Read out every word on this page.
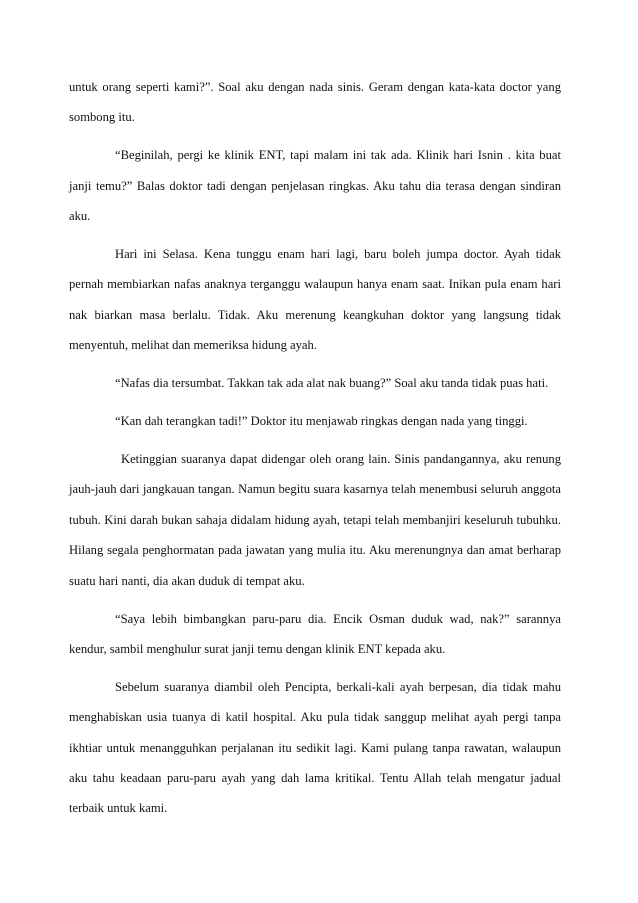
untuk orang seperti kami?”. Soal aku dengan nada sinis. Geram dengan kata-kata doctor yang sombong itu.

“Beginilah, pergi ke klinik ENT, tapi malam ini tak ada. Klinik hari Isnin . kita buat janji temu?” Balas doktor tadi dengan penjelasan ringkas. Aku tahu dia terasa dengan sindiran aku.

Hari ini Selasa. Kena tunggu enam hari lagi, baru boleh jumpa doctor. Ayah tidak pernah membiarkan nafas anaknya terganggu walaupun hanya enam saat. Inikan pula enam hari nak biarkan masa berlalu. Tidak. Aku merenung keangkuhan doktor yang langsung tidak menyentuh, melihat dan memeriksa hidung ayah.

“Nafas dia tersumbat. Takkan tak ada alat nak buang?” Soal aku tanda tidak puas hati.

“Kan dah terangkan tadi!” Doktor itu menjawab ringkas dengan nada yang tinggi.

Ketinggian suaranya dapat didengar oleh orang lain. Sinis pandangannya, aku renung jauh-jauh dari jangkauan tangan. Namun begitu suara kasarnya telah menembusi seluruh anggota tubuh. Kini darah bukan sahaja didalam hidung ayah, tetapi telah membanjiri keseluruh tubuhku. Hilang segala penghormatan pada jawatan yang mulia itu. Aku merenungnya dan amat berharap suatu hari nanti, dia akan duduk di tempat aku.

“Saya lebih bimbangkan paru-paru dia. Encik Osman duduk wad, nak?” sarannya kendur, sambil menghulur surat janji temu dengan klinik ENT kepada aku.

Sebelum suaranya diambil oleh Pencipta, berkali-kali ayah berpesan, dia tidak mahu menghabiskan usia tuanya di katil hospital. Aku pula tidak sanggup melihat ayah pergi tanpa ikhtiar untuk menangguhkan perjalanan itu sedikit lagi. Kami pulang tanpa rawatan, walaupun aku tahu keadaan paru-paru ayah yang dah lama kritikal. Tentu Allah telah mengatur jadual terbaik untuk kami.
